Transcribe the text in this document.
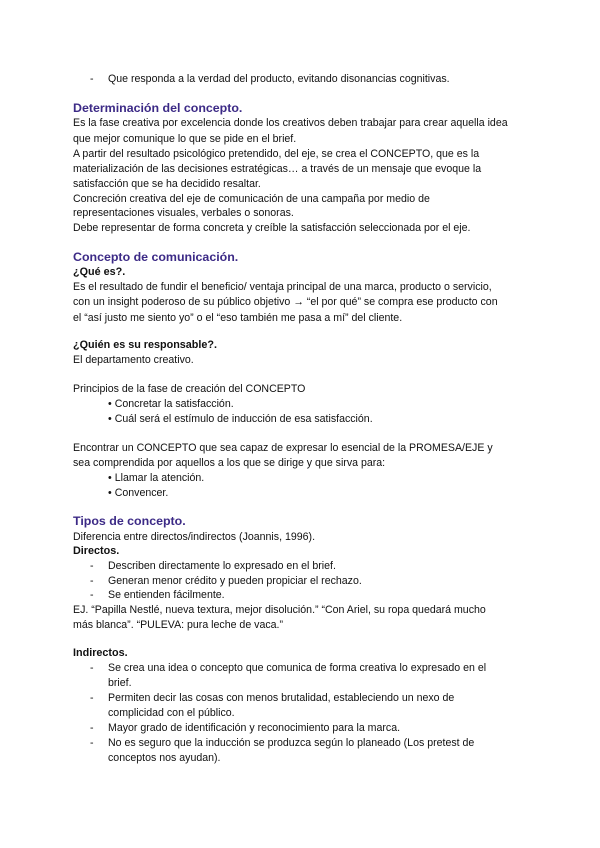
- Que responda a la verdad del producto, evitando disonancias cognitivas.

Determinación del concepto.

Es la fase creativa por excelencia donde los creativos deben trabajar para crear aquella idea

que mejor comunique lo que se pide en el brief.

A partir del resultado psicológico pretendido, del eje, se crea el CONCEPTO, que es la

materialización de las decisiones estratégicas… a través de un mensaje que evoque la

satisfacción que se ha decidido resaltar.

Concreción creativa del eje de comunicación de una campaña por medio de

representaciones visuales, verbales o sonoras.

Debe representar de forma concreta y creíble la satisfacción seleccionada por el eje.

Concepto de comunicación.
¿Qué es?.

Es el resultado de fundir el beneficio/ ventaja principal de una marca, producto o servicio,

con un insight poderoso de su público objetivo → “el por qué” se compra ese producto con

el “así justo me siento yo” o el “eso también me pasa a mí” del cliente.

¿Quién es su responsable?.

El departamento creativo.

Principios de la fase de creación del CONCEPTO

• Concretar la satisfacción.

• Cuál será el estímulo de inducción de esa satisfacción.

Encontrar un CONCEPTO que sea capaz de expresar lo esencial de la PROMESA/EJE y

sea comprendida por aquellos a los que se dirige y que sirva para:

• Llamar la atención.

• Convencer.

Tipos de concepto.

Diferencia entre directos/indirectos (Joannis, 1996).

Directos.

- Describen directamente lo expresado en el brief.

- Generan menor crédito y pueden propiciar el rechazo.

- Se entienden fácilmente.

EJ. “Papilla Nestlé, nueva textura, mejor disolución.” “Con Ariel, su ropa quedará mucho

más blanca”. “PULEVA: pura leche de vaca.”

Indirectos.

- Se crea una idea o concepto que comunica de forma creativa lo expresado en el

brief.

- Permiten decir las cosas con menos brutalidad, estableciendo un nexo de

complicidad con el público.

- Mayor grado de identificación y reconocimiento para la marca.

- No es seguro que la inducción se produzca según lo planeado (Los pretest de

conceptos nos ayudan).
